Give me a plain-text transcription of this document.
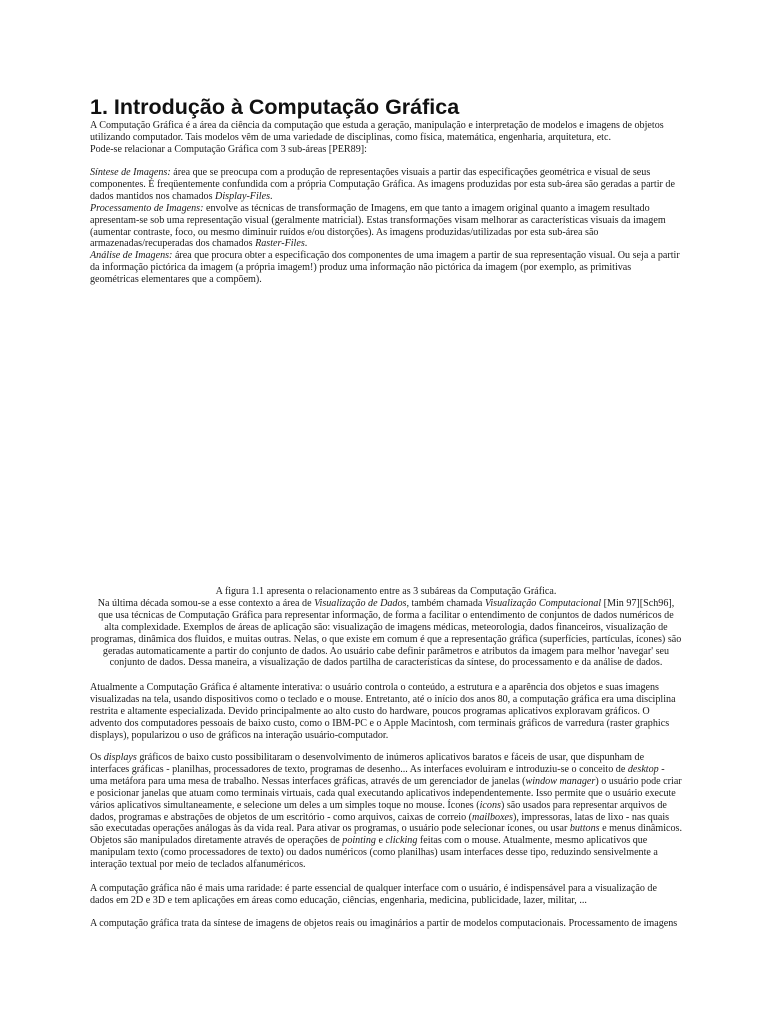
1. Introdução à Computação Gráfica

A Computação Gráfica é a área da ciência da computação que estuda a geração, manipulação e interpretação de modelos e imagens de objetos utilizando computador. Tais modelos vêm de uma variedade de disciplinas, como física, matemática, engenharia, arquitetura, etc.

Pode-se relacionar a Computação Gráfica com 3 sub-áreas [PER89]:

Síntese de Imagens: área que se preocupa com a produção de representações visuais a partir das especificações geométrica e visual de seus componentes. É freqüentemente confundida com a própria Computação Gráfica. As imagens produzidas por esta sub-área são geradas a partir de dados mantidos nos chamados Display-Files.

Processamento de Imagens: envolve as técnicas de transformação de Imagens, em que tanto a imagem original quanto a imagem resultado apresentam-se sob uma representação visual (geralmente matricial). Estas transformações visam melhorar as características visuais da imagem (aumentar contraste, foco, ou mesmo diminuir ruídos e/ou distorções). As imagens produzidas/utilizadas por esta sub-área são armazenadas/recuperadas dos chamados Raster-Files.

Análise de Imagens: área que procura obter a especificação dos componentes de uma imagem a partir de sua representação visual. Ou seja a partir da informação pictórica da imagem (a própria imagem!) produz uma informação não pictórica da imagem (por exemplo, as primitivas geométricas elementares que a compõem).

A figura 1.1 apresenta o relacionamento entre as 3 subáreas da Computação Gráfica.

Na última década somou-se a esse contexto a área de Visualização de Dados, também chamada Visualização Computacional [Min 97][Sch96], que usa técnicas de Computação Gráfica para representar informação, de forma a facilitar o entendimento de conjuntos de dados numéricos de alta complexidade. Exemplos de áreas de aplicação são: visualização de imagens médicas, meteorologia, dados financeiros, visualização de programas, dinâmica dos fluidos, e muitas outras. Nelas, o que existe em comum é que a representação gráfica (superfícies, partículas, ícones) são geradas automaticamente a partir do conjunto de dados. Ao usuário cabe definir parâmetros e atributos da imagem para melhor 'navegar' seu conjunto de dados. Dessa maneira, a visualização de dados partilha de características da síntese, do processamento e da análise de dados.

Atualmente a Computação Gráfica é altamente interativa: o usuário controla o conteúdo, a estrutura e a aparência dos objetos e suas imagens visualizadas na tela, usando dispositivos como o teclado e o mouse. Entretanto, até o início dos anos 80, a computação gráfica era uma disciplina restrita e altamente especializada. Devido principalmente ao alto custo do hardware, poucos programas aplicativos exploravam gráficos. O advento dos computadores pessoais de baixo custo, como o IBM-PC e o Apple Macintosh, com terminais gráficos de varredura (raster graphics displays), popularizou o uso de gráficos na interação usuário-computador.

Os displays gráficos de baixo custo possibilitaram o desenvolvimento de inúmeros aplicativos baratos e fáceis de usar, que dispunham de interfaces gráficas - planilhas, processadores de texto, programas de desenho... As interfaces evoluiram e introduziu-se o conceito de desktop - uma metáfora para uma mesa de trabalho. Nessas interfaces gráficas, através de um gerenciador de janelas (window manager) o usuário pode criar e posicionar janelas que atuam como terminais virtuais, cada qual executando aplicativos independentemente. Isso permite que o usuário execute vários aplicativos simultaneamente, e selecione um deles a um simples toque no mouse. Ícones (icons) são usados para representar arquivos de dados, programas e abstrações de objetos de um escritório - como arquivos, caixas de correio (mailboxes), impressoras, latas de lixo - nas quais são executadas operações análogas às da vida real. Para ativar os programas, o usuário pode selecionar ícones, ou usar buttons e menus dinâmicos. Objetos são manipulados diretamente através de operações de pointing e clicking feitas com o mouse. Atualmente, mesmo aplicativos que manipulam texto (como processadores de texto) ou dados numéricos (como planilhas) usam interfaces desse tipo, reduzindo sensivelmente a interação textual por meio de teclados alfanuméricos.

A computação gráfica não é mais uma raridade: é parte essencial de qualquer interface com o usuário, é indispensável para a visualização de dados em 2D e 3D e tem aplicações em áreas como educação, ciências, engenharia, medicina, publicidade, lazer, militar, ...

A computação gráfica trata da síntese de imagens de objetos reais ou imaginários a partir de modelos computacionais. Processamento de imagens
